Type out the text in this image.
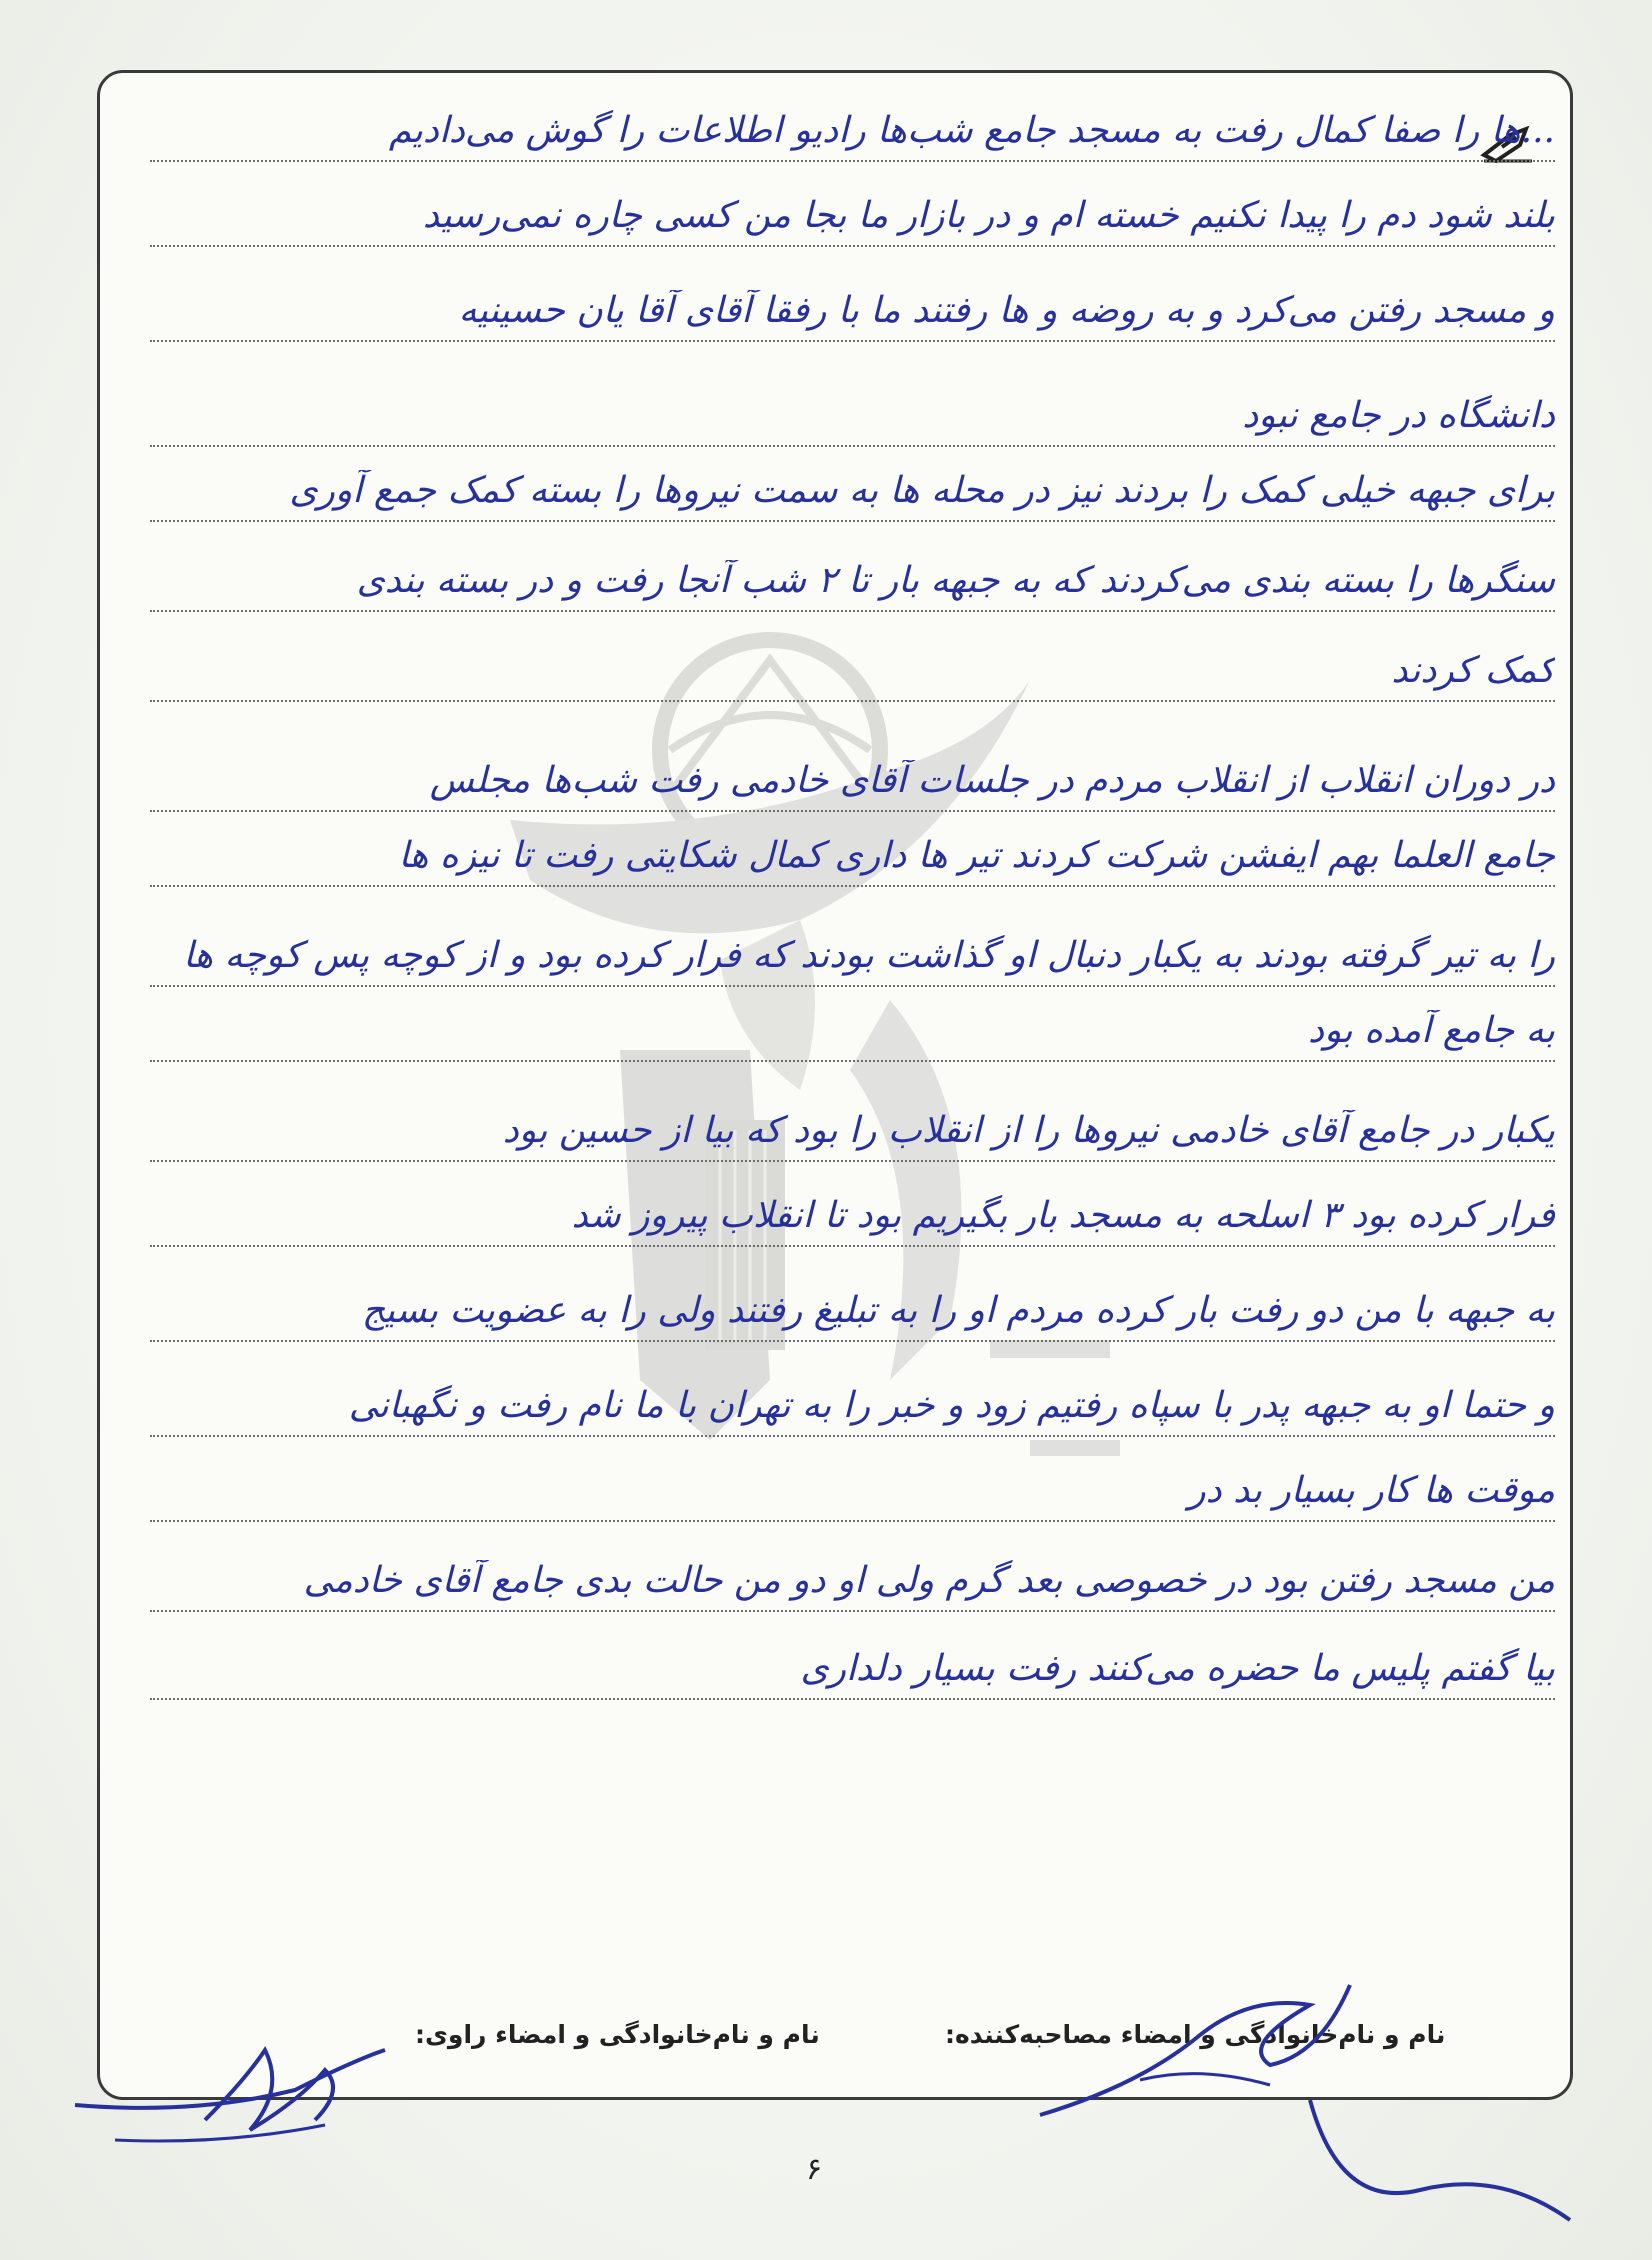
...ها را صفا کمال رفت به مسجد جامع شب‌ها رادیو اطلاعات را گوش می‌دادیم
بلند شود دم را پیدا نکنیم خسته ام و در بازار ما بجا من کسی چاره نمی‌رسید
و مسجد رفتن می‌کرد و به روضه و ها رفتند ما با رفقا آقای آقا یان حسینیه
دانشگاه در جامع نبود
برای جبهه خیلی کمک را بردند نیز در محله ها به سمت نیروها را بسته کمک جمع آوری
سنگرها را بسته بندی می‌کردند که به جبهه بار تا ۲ شب آنجا رفت و در بسته بندی
کمک کردند
در دوران انقلاب از انقلاب مردم در جلسات آقای خادمی رفت شب‌ها مجلس
جامع العلما بهم ایفشن شرکت کردند تیر ها داری کمال شکایتی رفت تا نیزه ها
را به تیر گرفته بودند به یکبار دنبال او گذاشت بودند که فرار کرده بود و از کوچه پس کوچه ها
به جامع آمده بود
یکبار در جامع آقای خادمی نیروها را از انقلاب را بود که بیا از حسین بود
فرار کرده بود ۳ اسلحه به مسجد بار بگیریم بود تا انقلاب پیروز شد
به جبهه با من دو رفت بار کرده مردم او را به تبلیغ رفتند ولی را به عضویت بسیج
و حتما او به جبهه پدر با سپاه رفتیم زود و خبر را به تهران با ما نام رفت و نگهبانی
موقت ها کار بسیار بد در
من مسجد رفتن بود در خصوصی بعد گرم ولی او دو من حالت بدی جامع آقای خادمی
بیا گفتم پلیس ما حضره می‌کنند رفت بسیار دلداری
نام و نام‌خانوادگی و امضاء مصاحبه‌کننده:
نام و نام‌خانوادگی و امضاء راوی:
۶
